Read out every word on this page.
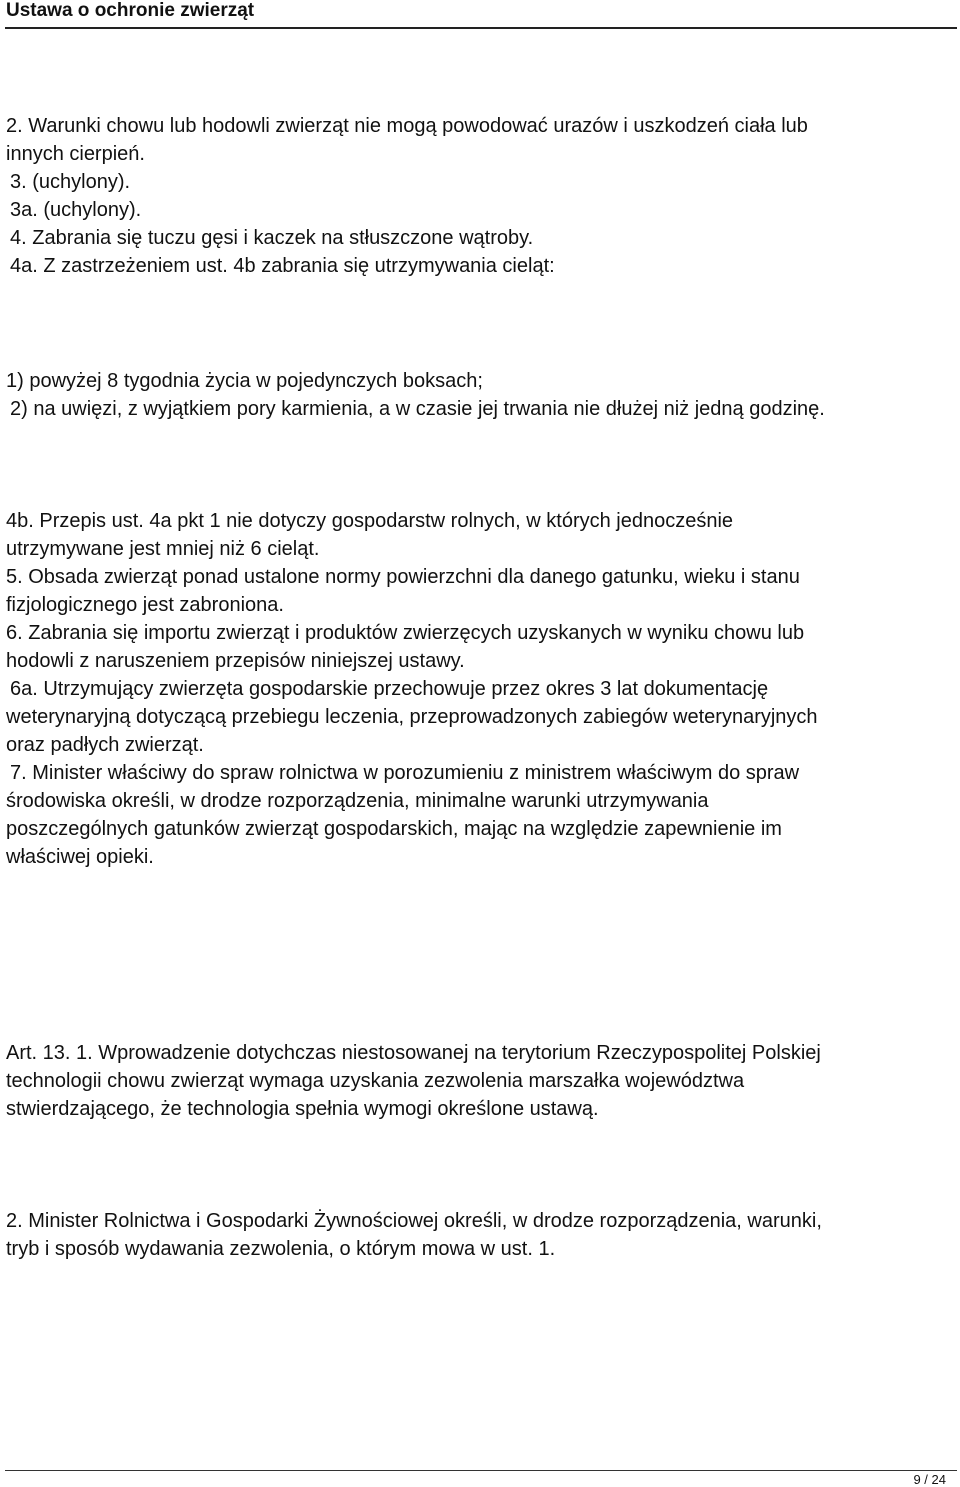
Ustawa o ochronie zwierząt

2. Warunki chowu lub hodowli zwierząt nie mogą powodować urazów i uszkodzeń ciała lub

innych cierpień.

3. (uchylony).

3a. (uchylony).

4. Zabrania się tuczu gęsi i kaczek na stłuszczone wątroby.

4a. Z zastrzeżeniem ust. 4b zabrania się utrzymywania cieląt:

1) powyżej 8 tygodnia życia w pojedynczych boksach;

2) na uwięzi, z wyjątkiem pory karmienia, a w czasie jej trwania nie dłużej niż jedną godzinę.

4b. Przepis ust. 4a pkt 1 nie dotyczy gospodarstw rolnych, w których jednocześnie

utrzymywane jest mniej niż 6 cieląt.

5. Obsada zwierząt ponad ustalone normy powierzchni dla danego gatunku, wieku i stanu

fizjologicznego jest zabroniona.

6. Zabrania się importu zwierząt i produktów zwierzęcych uzyskanych w wyniku chowu lub

hodowli z naruszeniem przepisów niniejszej ustawy.

6a. Utrzymujący zwierzęta gospodarskie przechowuje przez okres 3 lat dokumentację

weterynaryjną dotyczącą przebiegu leczenia, przeprowadzonych zabiegów weterynaryjnych

oraz padłych zwierząt.

7. Minister właściwy do spraw rolnictwa w porozumieniu z ministrem właściwym do spraw

środowiska określi, w drodze rozporządzenia, minimalne warunki utrzymywania

poszczególnych gatunków zwierząt gospodarskich, mając na względzie zapewnienie im

właściwej opieki.

Art. 13. 1. Wprowadzenie dotychczas niestosowanej na terytorium Rzeczypospolitej Polskiej

technologii chowu zwierząt wymaga uzyskania zezwolenia marszałka województwa

stwierdzającego, że technologia spełnia wymogi określone ustawą.

2. Minister Rolnictwa i Gospodarki Żywnościowej określi, w drodze rozporządzenia, warunki,

tryb i sposób wydawania zezwolenia, o którym mowa w ust. 1.

9 / 24
